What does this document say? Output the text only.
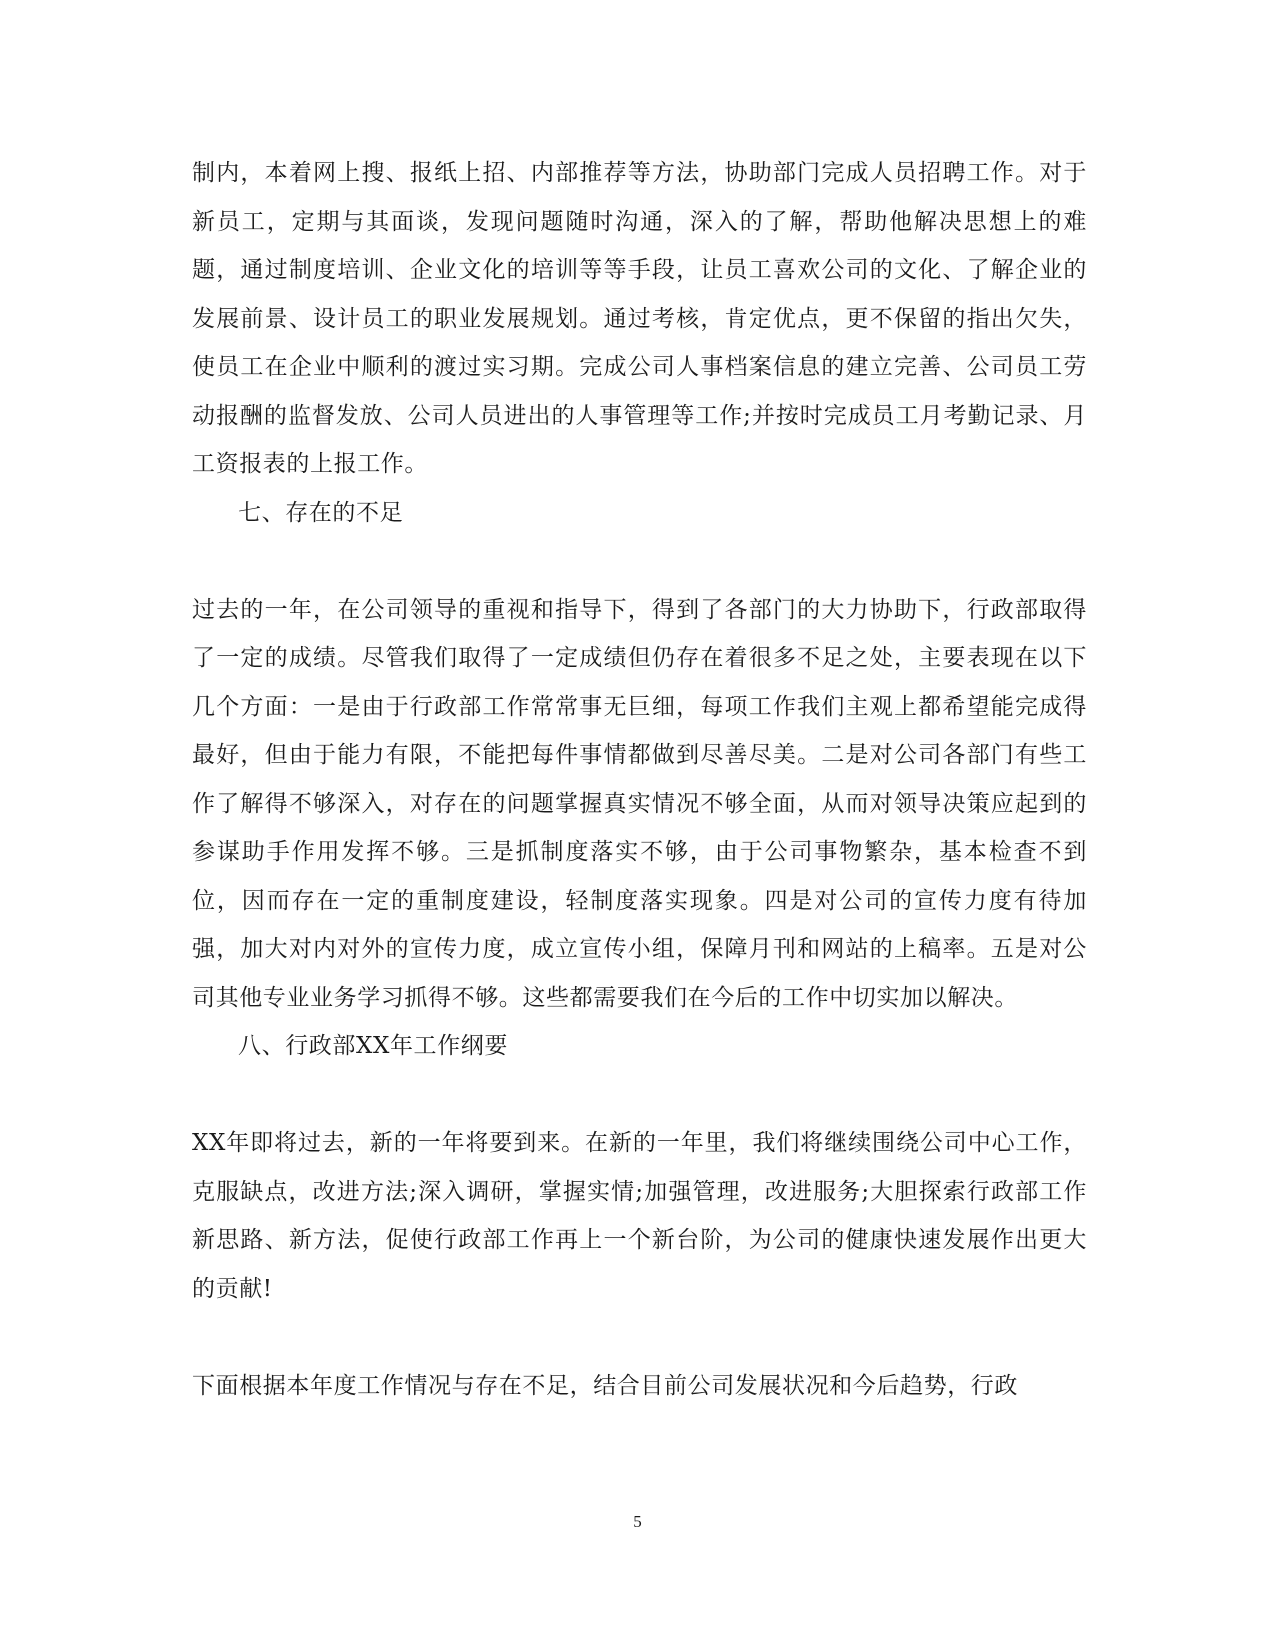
制内，本着网上搜、报纸上招、内部推荐等方法，协助部门完成人员招聘工作。对于新员工，定期与其面谈，发现问题随时沟通，深入的了解，帮助他解决思想上的难题，通过制度培训、企业文化的培训等等手段，让员工喜欢公司的文化、了解企业的发展前景、设计员工的职业发展规划。通过考核，肯定优点，更不保留的指出欠失，使员工在企业中顺利的渡过实习期。完成公司人事档案信息的建立完善、公司员工劳动报酬的监督发放、公司人员进出的人事管理等工作;并按时完成员工月考勤记录、月工资报表的上报工作。

七、存在的不足

过去的一年，在公司领导的重视和指导下，得到了各部门的大力协助下，行政部取得了一定的成绩。尽管我们取得了一定成绩但仍存在着很多不足之处，主要表现在以下几个方面：一是由于行政部工作常常事无巨细，每项工作我们主观上都希望能完成得最好，但由于能力有限，不能把每件事情都做到尽善尽美。二是对公司各部门有些工作了解得不够深入，对存在的问题掌握真实情况不够全面，从而对领导决策应起到的参谋助手作用发挥不够。三是抓制度落实不够，由于公司事物繁杂，基本检查不到位，因而存在一定的重制度建设，轻制度落实现象。四是对公司的宣传力度有待加强，加大对内对外的宣传力度，成立宣传小组，保障月刊和网站的上稿率。五是对公司其他专业业务学习抓得不够。这些都需要我们在今后的工作中切实加以解决。

八、行政部XX年工作纲要

XX年即将过去，新的一年将要到来。在新的一年里，我们将继续围绕公司中心工作，克服缺点，改进方法;深入调研，掌握实情;加强管理，改进服务;大胆探索行政部工作新思路、新方法，促使行政部工作再上一个新台阶，为公司的健康快速发展作出更大的贡献!

下面根据本年度工作情况与存在不足，结合目前公司发展状况和今后趋势，行政

5
